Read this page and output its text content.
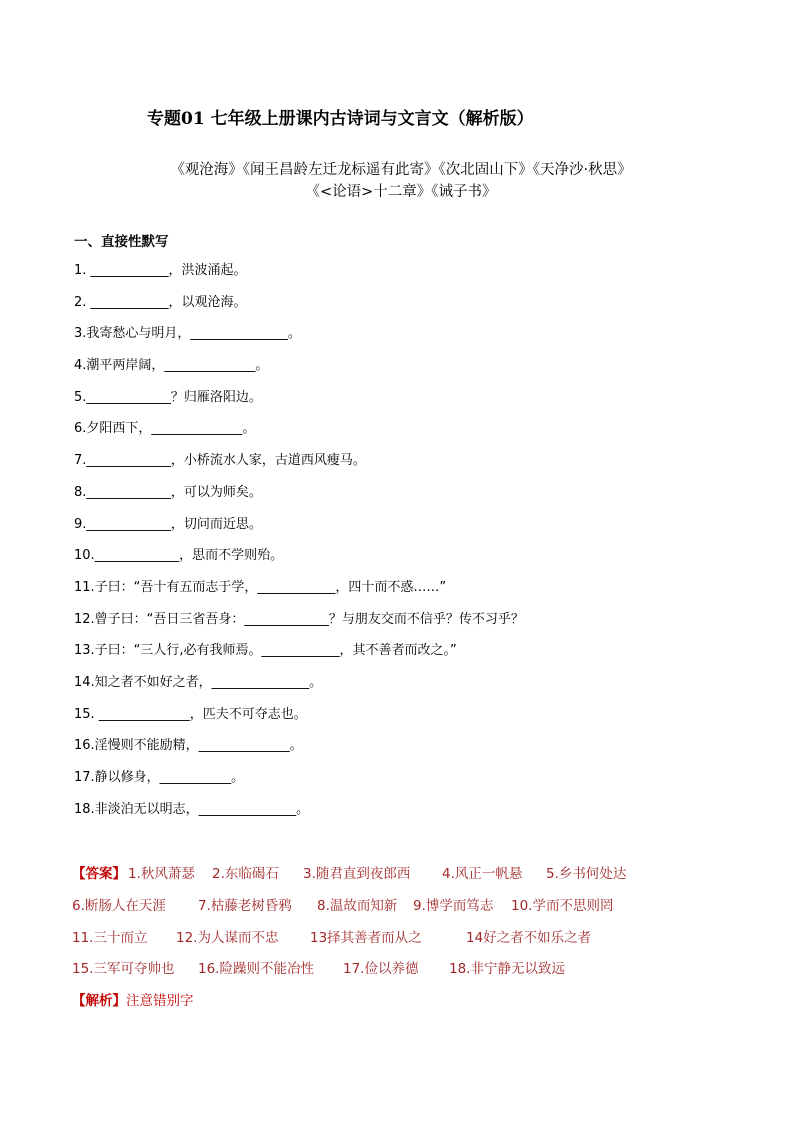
专题01 七年级上册课内古诗词与文言文（解析版）
《观沧海》《闻王昌龄左迁龙标遥有此寄》《次北固山下》《天净沙·秋思》
《<论语>十二章》《诫子书》
一、直接性默写
1. ____________，洪波涌起。
2. ____________，以观沧海。
3.我寄愁心与明月，_______________。
4.潮平两岸阔，______________。
5._____________？归雁洛阳边。
6.夕阳西下，______________。
7._____________，小桥流水人家，古道西风瘦马。
8._____________，可以为师矣。
9._____________，切问而近思。
10._____________，思而不学则殆。
11.子曰：“吾十有五而志于学，____________，四十而不惑……”
12.曾子曰：“吾日三省吾身：_____________？与朋友交而不信乎？传不习乎？
13.子曰：“三人行,必有我师焉。____________，其不善者而改之。”
14.知之者不如好之者，_______________。
15. ______________，匹夫不可夺志也。
16.淫慢则不能励精，______________。
17.静以修身，___________。
18.非淡泊无以明志，_______________。
【答案】 1.秋风萧瑟 2.东临碣石 3.随君直到夜郎西 4.风正一帆悬 5.乡书何处达
6.断肠人在天涯 7.枯藤老树昏鸦 8.温故而知新 9.博学而笃志 10.学而不思则罔
11.三十而立 12.为人谋而不忠 13择其善者而从之	14好之者不如乐之者
15.三军可夺帅也 16.险躁则不能冶性 17.俭以养德 18.非宁静无以致远
【解析】注意错别字
